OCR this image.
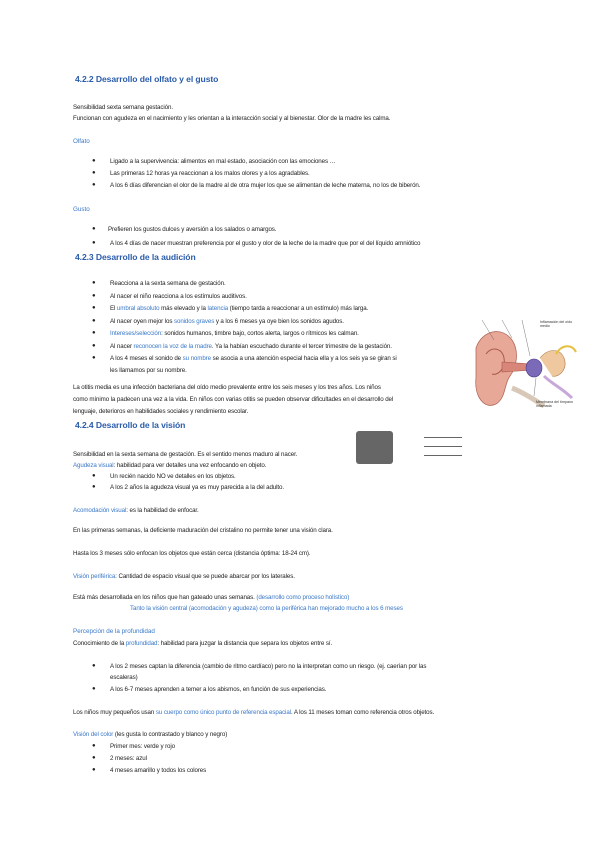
4.2.2 Desarrollo del olfato y el gusto
Sensibilidad sexta semana gestación.
Funcionan con agudeza en el nacimiento y les orientan a la interacción social y al bienestar. Olor de la madre les calma.
Olfato
● Ligado a la supervivencia: alimentos en mal estado, asociación con las emociones …
● Las primeras 12 horas ya reaccionan a los malos olores y a los agradables.
● A los 6 días diferencian el olor de la madre al de otra mujer los que se alimentan de leche materna, no los de biberón.
Gusto
● Prefieren los gustos dulces y aversión a los salados o amargos.
● A los 4 días de nacer muestran preferencia por el gusto y olor de la leche de la madre que por el del líquido amniótico
4.2.3 Desarrollo de la audición
● Reacciona a la sexta semana de gestación.
● Al nacer el niño reacciona a los estímulos auditivos.
● El umbral absoluto más elevado y la latencia (tiempo tarda a reaccionar a un estímulo) más larga.
● Al nacer oyen mejor los sonidos graves y a los 6 meses ya oye bien los sonidos agudos.
● Intereses/selección: sonidos humanos, timbre bajo, cortos alerta, largos o rítmicos les calman.
● Al nacer reconocen la voz de la madre. Ya la habían escuchado durante el tercer trimestre de la gestación.
● A los 4 meses el sonido de su nombre se asocia a una atención especial hacia ella y a los seis ya se giran si
les llamamos por su nombre.
La otitis media es una infección bacteriana del oído medio prevalente entre los seis meses y los tres años. Los niños
como mínimo la padecen una vez a la vida. En niños con varias otitis se pueden observar dificultades en el desarrollo del
lenguaje, deterioros en habilidades sociales y rendimiento escolar.
Inflamación del oído
medio
Membrana del tímpano
inflamada
4.2.4 Desarrollo de la visión
Sensibilidad en la sexta semana de gestación. Es el sentido menos maduro al nacer.
Agudeza visual: habilidad para ver detalles una vez enfocando en objeto.
● Un recién nacido NO ve detalles en los objetos.
● A los 2 años la agudeza visual ya es muy parecida a la del adulto.
Acomodación visual: es la habilidad de enfocar.
En las primeras semanas, la deficiente maduración del cristalino no permite tener una visión clara.
Hasta los 3 meses sólo enfocan los objetos que están cerca (distancia óptima: 18-24 cm).
Visión periférica: Cantidad de espacio visual que se puede abarcar por los laterales.
Está más desarrollada en los niños que han gateado unas semanas. (desarrollo como proceso holístico)
Tanto la visión central (acomodación y agudeza) como la periférica han mejorado mucho a los 6 meses
Percepción de la profundidad
Conocimiento de la profundidad: habilidad para juzgar la distancia que separa los objetos entre sí.
● A los 2 meses captan la diferencia (cambio de ritmo cardíaco) pero no la interpretan como un riesgo. (ej. caerían por las
escaleras)
● A los 6-7 meses aprenden a temer a los abismos, en función de sus experiencias.
Los niños muy pequeños usan su cuerpo como único punto de referencia espacial. A los 11 meses toman como referencia otros objetos.
Visión del color (les gusta lo contrastado y blanco y negro)
● Primer mes: verde y rojo
● 2 meses: azul
● 4 meses amarillo y todos los colores
